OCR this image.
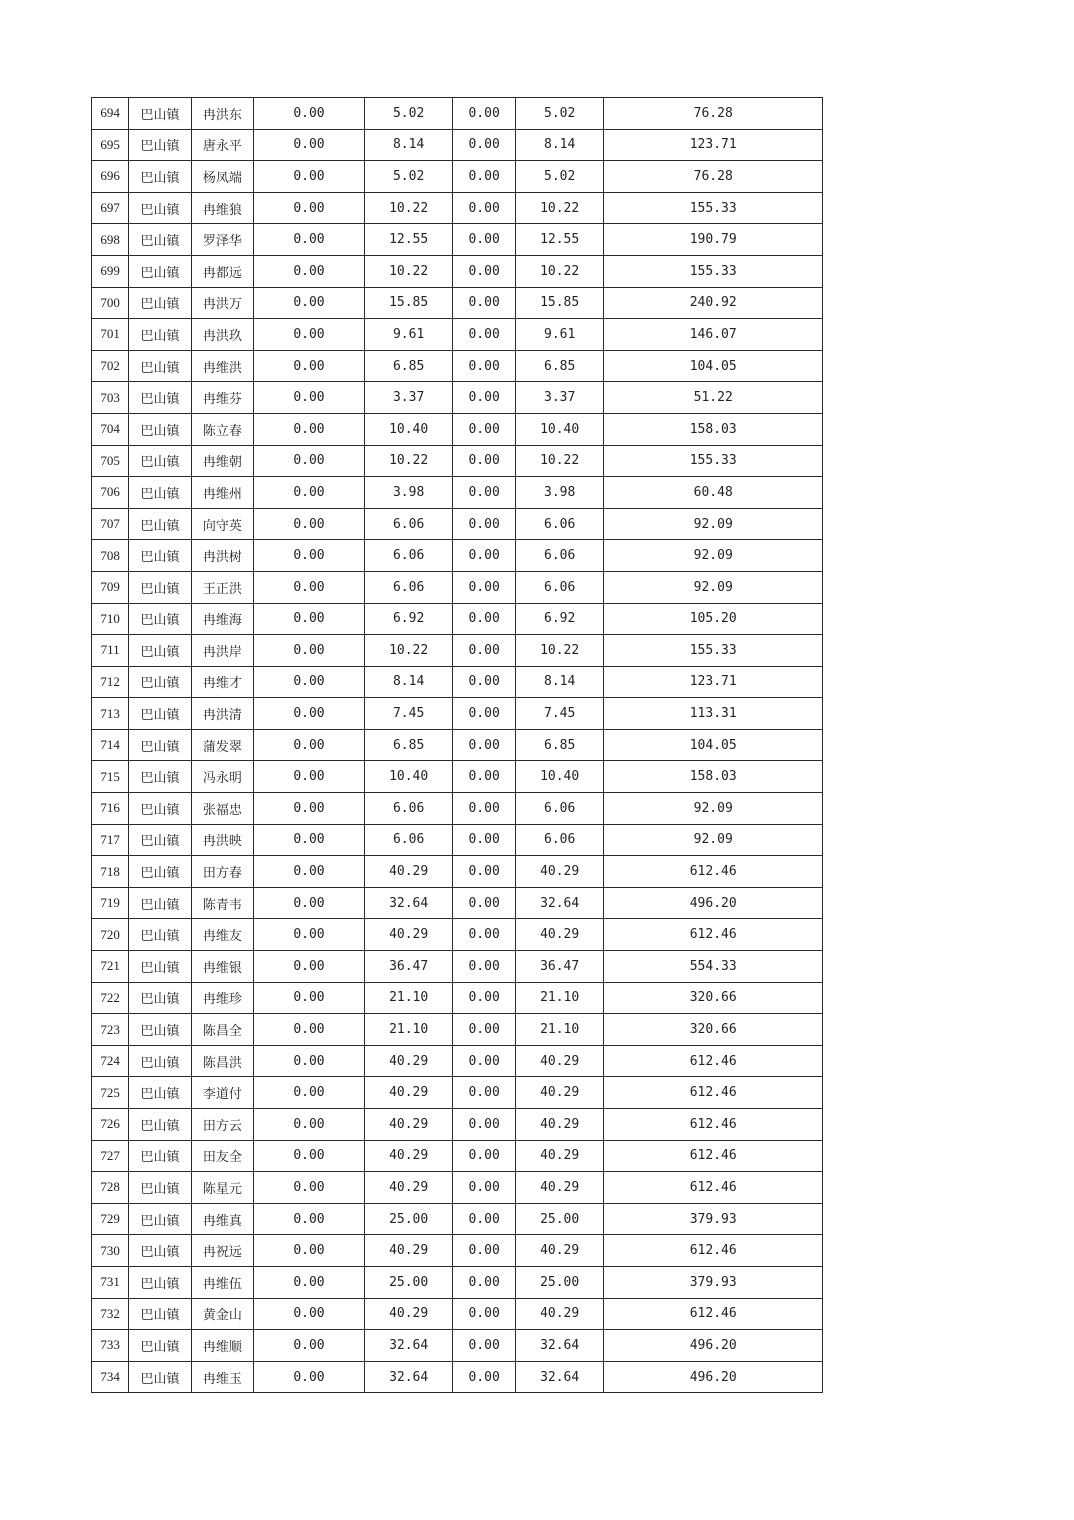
694	巴山镇	冉洪东	0.00	5.02	0.00	5.02	76.28
695	巴山镇	唐永平	0.00	8.14	0.00	8.14	123.71
696	巴山镇	杨凤端	0.00	5.02	0.00	5.02	76.28
697	巴山镇	冉维狼	0.00	10.22	0.00	10.22	155.33
698	巴山镇	罗泽华	0.00	12.55	0.00	12.55	190.79
699	巴山镇	冉都远	0.00	10.22	0.00	10.22	155.33
700	巴山镇	冉洪万	0.00	15.85	0.00	15.85	240.92
701	巴山镇	冉洪玖	0.00	9.61	0.00	9.61	146.07
702	巴山镇	冉维洪	0.00	6.85	0.00	6.85	104.05
703	巴山镇	冉维芬	0.00	3.37	0.00	3.37	51.22
704	巴山镇	陈立春	0.00	10.40	0.00	10.40	158.03
705	巴山镇	冉维朝	0.00	10.22	0.00	10.22	155.33
706	巴山镇	冉维州	0.00	3.98	0.00	3.98	60.48
707	巴山镇	向守英	0.00	6.06	0.00	6.06	92.09
708	巴山镇	冉洪树	0.00	6.06	0.00	6.06	92.09
709	巴山镇	王正洪	0.00	6.06	0.00	6.06	92.09
710	巴山镇	冉维海	0.00	6.92	0.00	6.92	105.20
711	巴山镇	冉洪岸	0.00	10.22	0.00	10.22	155.33
712	巴山镇	冉维才	0.00	8.14	0.00	8.14	123.71
713	巴山镇	冉洪清	0.00	7.45	0.00	7.45	113.31
714	巴山镇	蒲发翠	0.00	6.85	0.00	6.85	104.05
715	巴山镇	冯永明	0.00	10.40	0.00	10.40	158.03
716	巴山镇	张福忠	0.00	6.06	0.00	6.06	92.09
717	巴山镇	冉洪映	0.00	6.06	0.00	6.06	92.09
718	巴山镇	田方春	0.00	40.29	0.00	40.29	612.46
719	巴山镇	陈青韦	0.00	32.64	0.00	32.64	496.20
720	巴山镇	冉维友	0.00	40.29	0.00	40.29	612.46
721	巴山镇	冉维银	0.00	36.47	0.00	36.47	554.33
722	巴山镇	冉维珍	0.00	21.10	0.00	21.10	320.66
723	巴山镇	陈昌全	0.00	21.10	0.00	21.10	320.66
724	巴山镇	陈昌洪	0.00	40.29	0.00	40.29	612.46
725	巴山镇	李道付	0.00	40.29	0.00	40.29	612.46
726	巴山镇	田方云	0.00	40.29	0.00	40.29	612.46
727	巴山镇	田友全	0.00	40.29	0.00	40.29	612.46
728	巴山镇	陈星元	0.00	40.29	0.00	40.29	612.46
729	巴山镇	冉维真	0.00	25.00	0.00	25.00	379.93
730	巴山镇	冉祝远	0.00	40.29	0.00	40.29	612.46
731	巴山镇	冉维伍	0.00	25.00	0.00	25.00	379.93
732	巴山镇	黄金山	0.00	40.29	0.00	40.29	612.46
733	巴山镇	冉维顺	0.00	32.64	0.00	32.64	496.20
734	巴山镇	冉维玉	0.00	32.64	0.00	32.64	496.20
